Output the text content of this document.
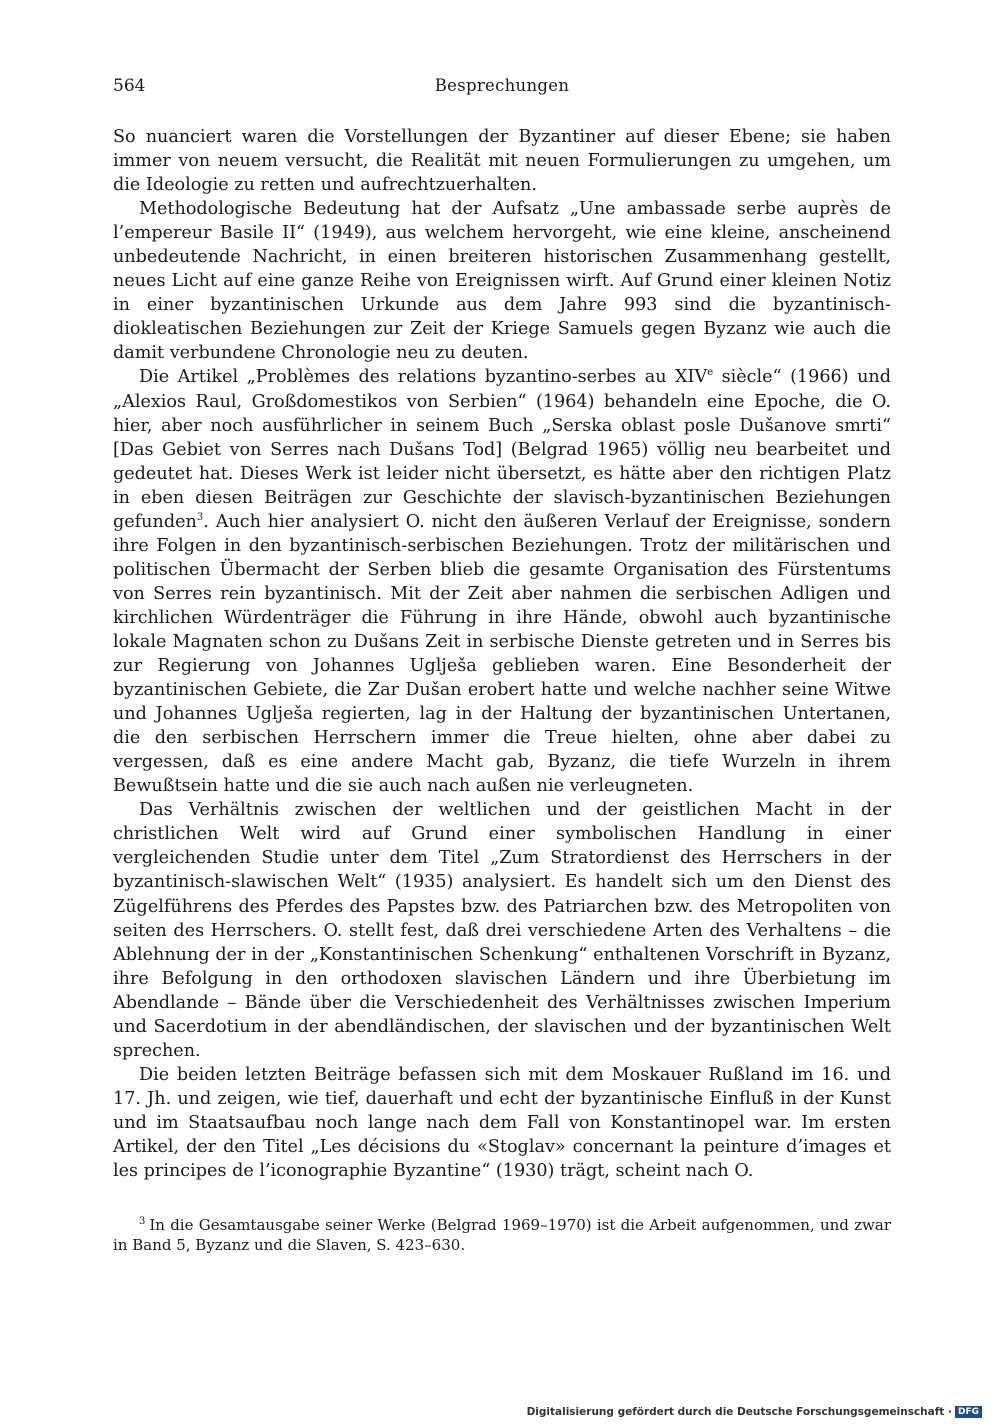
564	Besprechungen

So nuanciert waren die Vorstellungen der Byzantiner auf dieser Ebene; sie haben immer von neuem versucht, die Realität mit neuen Formulierungen zu umgehen, um die Ideologie zu retten und aufrechtzuerhalten.

Methodologische Bedeutung hat der Aufsatz „Une ambassade serbe auprès de l’empereur Basile II“ (1949), aus welchem hervorgeht, wie eine kleine, anscheinend unbedeutende Nachricht, in einen breiteren historischen Zusammenhang gestellt, neues Licht auf eine ganze Reihe von Ereignissen wirft. Auf Grund einer kleinen Notiz in einer byzantinischen Urkunde aus dem Jahre 993 sind die byzantinisch-diokleatischen Beziehungen zur Zeit der Kriege Samuels gegen Byzanz wie auch die damit verbundene Chronologie neu zu deuten.

Die Artikel „Problèmes des relations byzantino-serbes au XIVe siècle“ (1966) und „Alexios Raul, Großdomestikos von Serbien“ (1964) behandeln eine Epoche, die O. hier, aber noch ausführlicher in seinem Buch „Serska oblast posle Dušanove smrti“ [Das Gebiet von Serres nach Dušans Tod] (Belgrad 1965) völlig neu bearbeitet und gedeutet hat. Dieses Werk ist leider nicht übersetzt, es hätte aber den richtigen Platz in eben diesen Beiträgen zur Geschichte der slavisch-byzantinischen Beziehungen gefunden$^3$. Auch hier analysiert O. nicht den äußeren Verlauf der Ereignisse, sondern ihre Folgen in den byzantinisch-serbischen Beziehungen. Trotz der militärischen und politischen Übermacht der Serben blieb die gesamte Organisation des Fürstentums von Serres rein byzantinisch. Mit der Zeit aber nahmen die serbischen Adligen und kirchlichen Würdenträger die Führung in ihre Hände, obwohl auch byzantinische lokale Magnaten schon zu Dušans Zeit in serbische Dienste getreten und in Serres bis zur Regierung von Johannes Uglješa geblieben waren. Eine Besonderheit der byzantinischen Gebiete, die Zar Dušan erobert hatte und welche nachher seine Witwe und Johannes Uglješa regierten, lag in der Haltung der byzantinischen Untertanen, die den serbischen Herrschern immer die Treue hielten, ohne aber dabei zu vergessen, daß es eine andere Macht gab, Byzanz, die tiefe Wurzeln in ihrem Bewußtsein hatte und die sie auch nach außen nie verleugneten.

Das Verhältnis zwischen der weltlichen und der geistlichen Macht in der christlichen Welt wird auf Grund einer symbolischen Handlung in einer vergleichenden Studie unter dem Titel „Zum Stratordienst des Herrschers in der byzantinisch-slawischen Welt“ (1935) analysiert. Es handelt sich um den Dienst des Zügelführens des Pferdes des Papstes bzw. des Patriarchen bzw. des Metropoliten von seiten des Herrschers. O. stellt fest, daß drei verschiedene Arten des Verhaltens – die Ablehnung der in der „Konstantinischen Schenkung“ enthaltenen Vorschrift in Byzanz, ihre Befolgung in den orthodoxen slavischen Ländern und ihre Überbietung im Abendlande – Bände über die Verschiedenheit des Verhältnisses zwischen Imperium und Sacerdotium in der abendländischen, der slavischen und der byzantinischen Welt sprechen.

Die beiden letzten Beiträge befassen sich mit dem Moskauer Rußland im 16. und 17. Jh. und zeigen, wie tief, dauerhaft und echt der byzantinische Einfluß in der Kunst und im Staatsaufbau noch lange nach dem Fall von Konstantinopel war. Im ersten Artikel, der den Titel „Les décisions du «Stoglav» concernant la peinture d’images et les principes de l’iconographie Byzantine“ (1930) trägt, scheint nach O.

$^3$ In die Gesamtausgabe seiner Werke (Belgrad 1969–1970) ist die Arbeit aufgenommen, und zwar in Band 5, Byzanz und die Slaven, S. 423–630.
Digitalisierung gefördert durch die Deutsche Forschungsgemeinschaft · DFG
